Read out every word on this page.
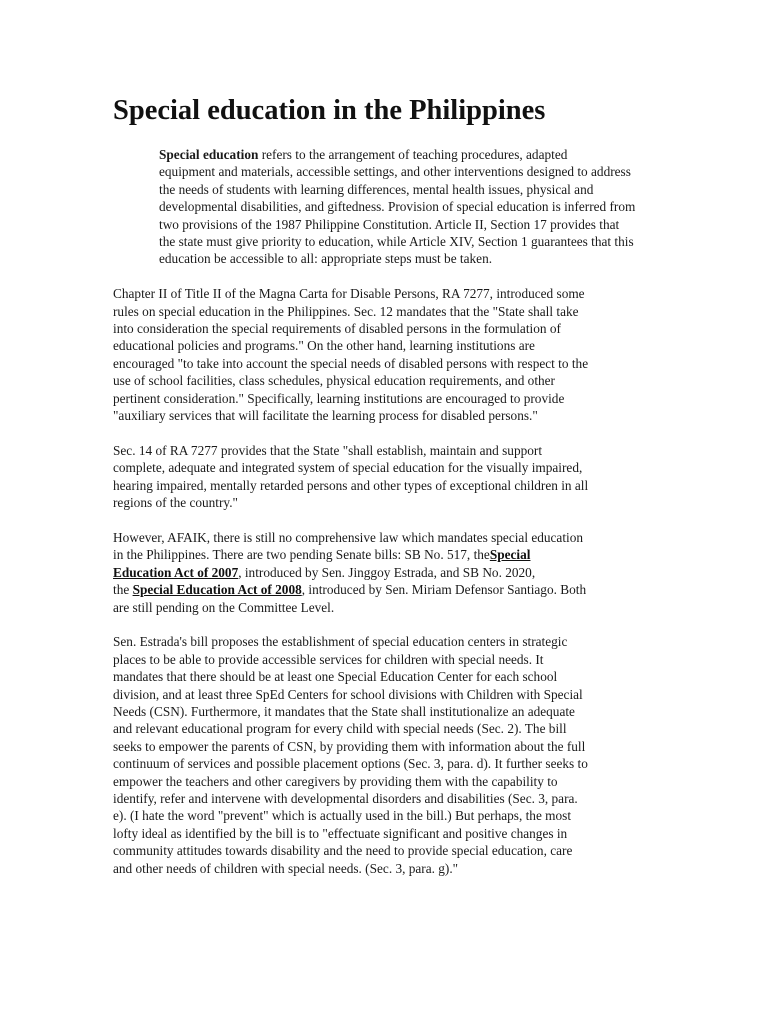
Special education in the Philippines

Special education refers to the arrangement of teaching procedures, adapted
equipment and materials, accessible settings, and other interventions designed to address
the needs of students with learning differences, mental health issues, physical and
developmental disabilities, and giftedness. Provision of special education is inferred from
two provisions of the 1987 Philippine Constitution. Article II, Section 17 provides that
the state must give priority to education, while Article XIV, Section 1 guarantees that this
education be accessible to all: appropriate steps must be taken.

Chapter II of Title II of the Magna Carta for Disable Persons, RA 7277, introduced some
rules on special education in the Philippines. Sec. 12 mandates that the "State shall take
into consideration the special requirements of disabled persons in the formulation of
educational policies and programs." On the other hand, learning institutions are
encouraged "to take into account the special needs of disabled persons with respect to the
use of school facilities, class schedules, physical education requirements, and other
pertinent consideration." Specifically, learning institutions are encouraged to provide
"auxiliary services that will facilitate the learning process for disabled persons."

Sec. 14 of RA 7277 provides that the State "shall establish, maintain and support
complete, adequate and integrated system of special education for the visually impaired,
hearing impaired, mentally retarded persons and other types of exceptional children in all
regions of the country."

However, AFAIK, there is still no comprehensive law which mandates special education
in the Philippines. There are two pending Senate bills: SB No. 517, theSpecial
Education Act of 2007, introduced by Sen. Jinggoy Estrada, and SB No. 2020,
the Special Education Act of 2008, introduced by Sen. Miriam Defensor Santiago. Both
are still pending on the Committee Level.

Sen. Estrada's bill proposes the establishment of special education centers in strategic
places to be able to provide accessible services for children with special needs. It
mandates that there should be at least one Special Education Center for each school
division, and at least three SpEd Centers for school divisions with Children with Special
Needs (CSN). Furthermore, it mandates that the State shall institutionalize an adequate
and relevant educational program for every child with special needs (Sec. 2). The bill
seeks to empower the parents of CSN, by providing them with information about the full
continuum of services and possible placement options (Sec. 3, para. d). It further seeks to
empower the teachers and other caregivers by providing them with the capability to
identify, refer and intervene with developmental disorders and disabilities (Sec. 3, para.
e). (I hate the word "prevent" which is actually used in the bill.) But perhaps, the most
lofty ideal as identified by the bill is to "effectuate significant and positive changes in
community attitudes towards disability and the need to provide special education, care
and other needs of children with special needs. (Sec. 3, para. g)."
